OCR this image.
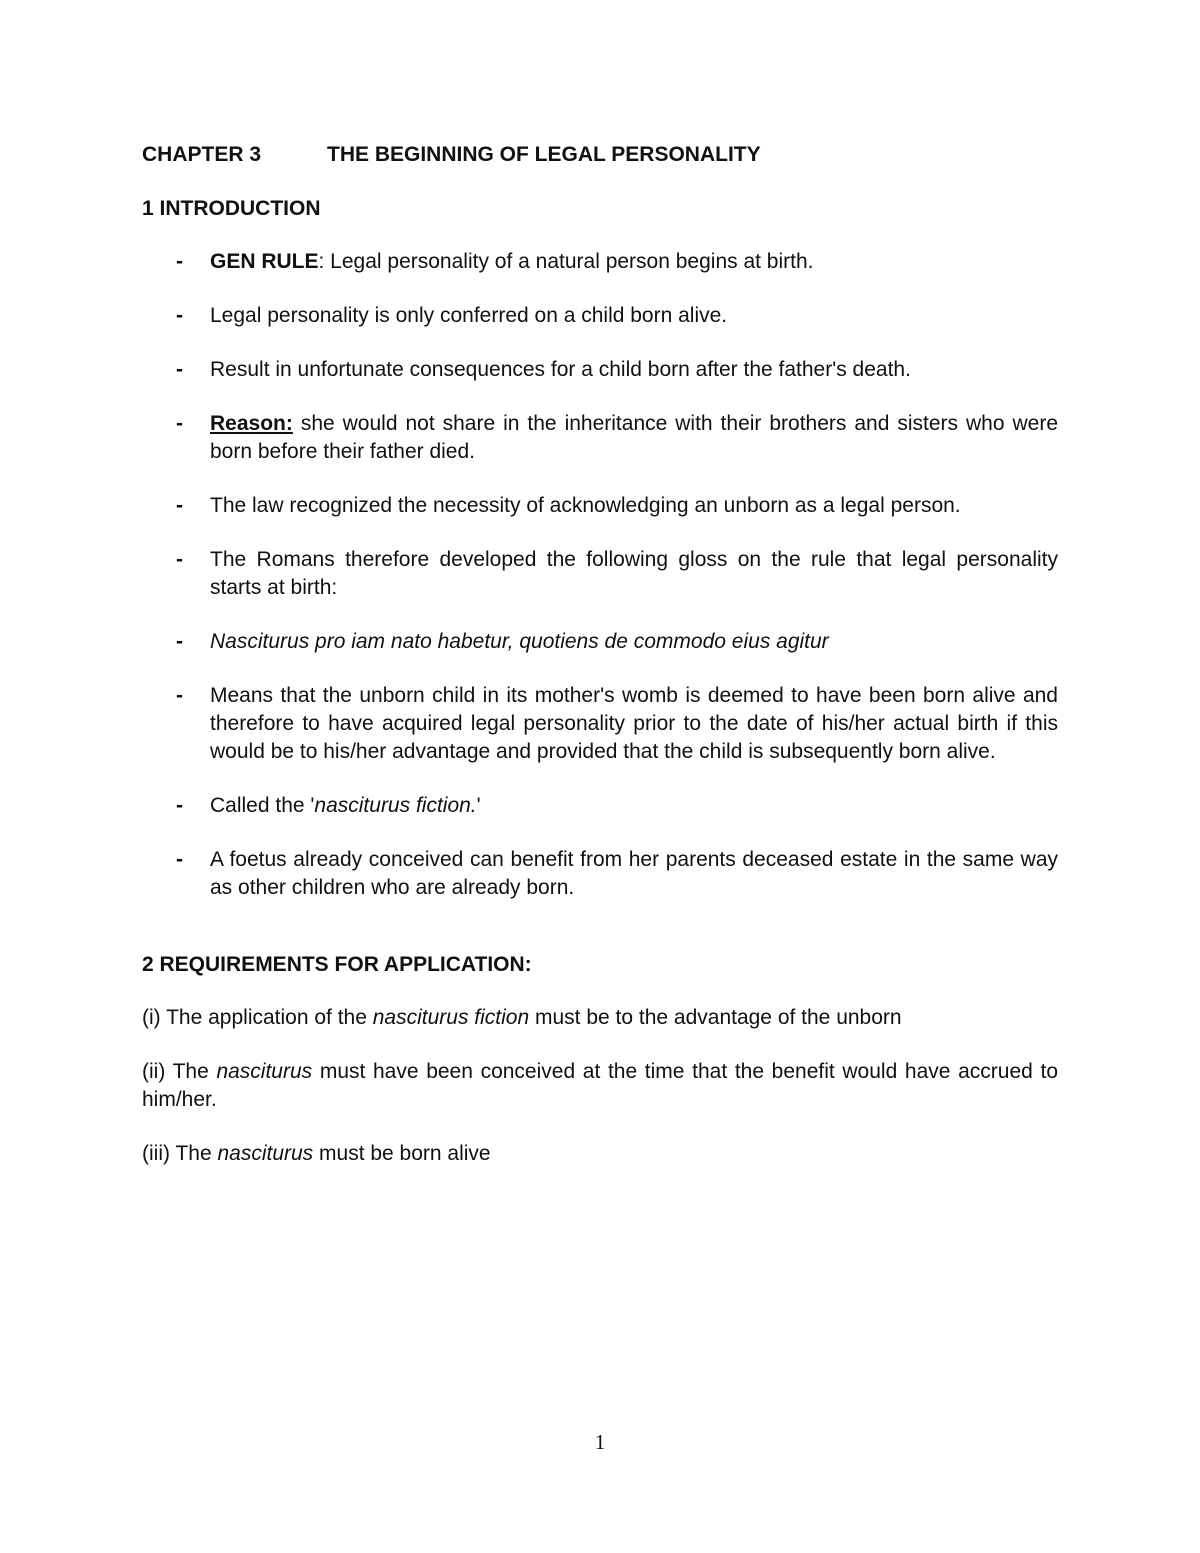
CHAPTER 3	THE BEGINNING OF LEGAL PERSONALITY
1 INTRODUCTION
- GEN RULE: Legal personality of a natural person begins at birth.
- Legal personality is only conferred on a child born alive.
- Result in unfortunate consequences for a child born after the father's death.
- Reason: she would not share in the inheritance with their brothers and sisters who were born before their father died.
- The law recognized the necessity of acknowledging an unborn as a legal person.
- The Romans therefore developed the following gloss on the rule that legal personality starts at birth:
- Nasciturus pro iam nato habetur, quotiens de commodo eius agitur
- Means that the unborn child in its mother's womb is deemed to have been born alive and therefore to have acquired legal personality prior to the date of his/her actual birth if this would be to his/her advantage and provided that the child is subsequently born alive.
- Called the 'nasciturus fiction.'
- A foetus already conceived can benefit from her parents deceased estate in the same way as other children who are already born.
2 REQUIREMENTS FOR APPLICATION:

(i) The application of the nasciturus fiction must be to the advantage of the unborn

(ii) The nasciturus must have been conceived at the time that the benefit would have accrued to him/her.

(iii) The nasciturus must be born alive

1
